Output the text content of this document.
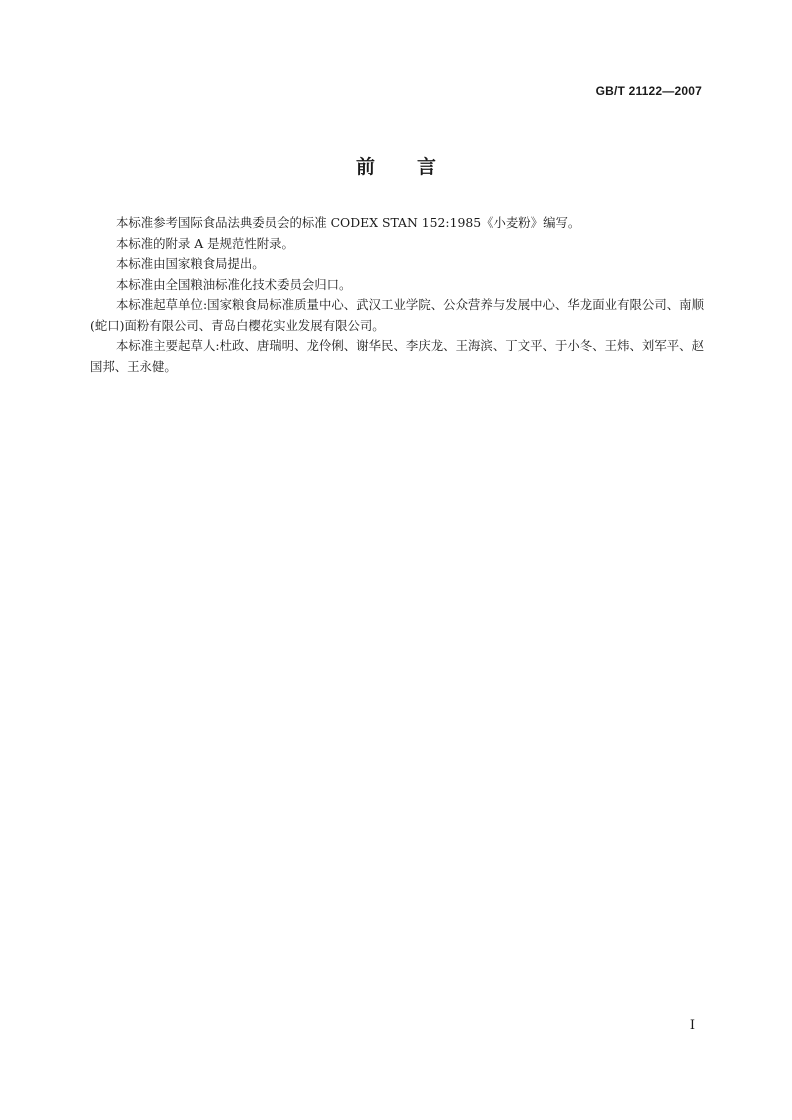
GB/T 21122—2007
前言

本标准参考国际食品法典委员会的标准 CODEX STAN 152:1985《小麦粉》编写。

本标准的附录 A 是规范性附录。

本标准由国家粮食局提出。

本标准由全国粮油标准化技术委员会归口。

本标准起草单位:国家粮食局标准质量中心、武汉工业学院、公众营养与发展中心、华龙面业有限公司、南顺(蛇口)面粉有限公司、青岛白樱花实业发展有限公司。

本标准主要起草人:杜政、唐瑞明、龙伶俐、谢华民、李庆龙、王海滨、丁文平、于小冬、王炜、刘军平、赵国邦、王永健。

I
